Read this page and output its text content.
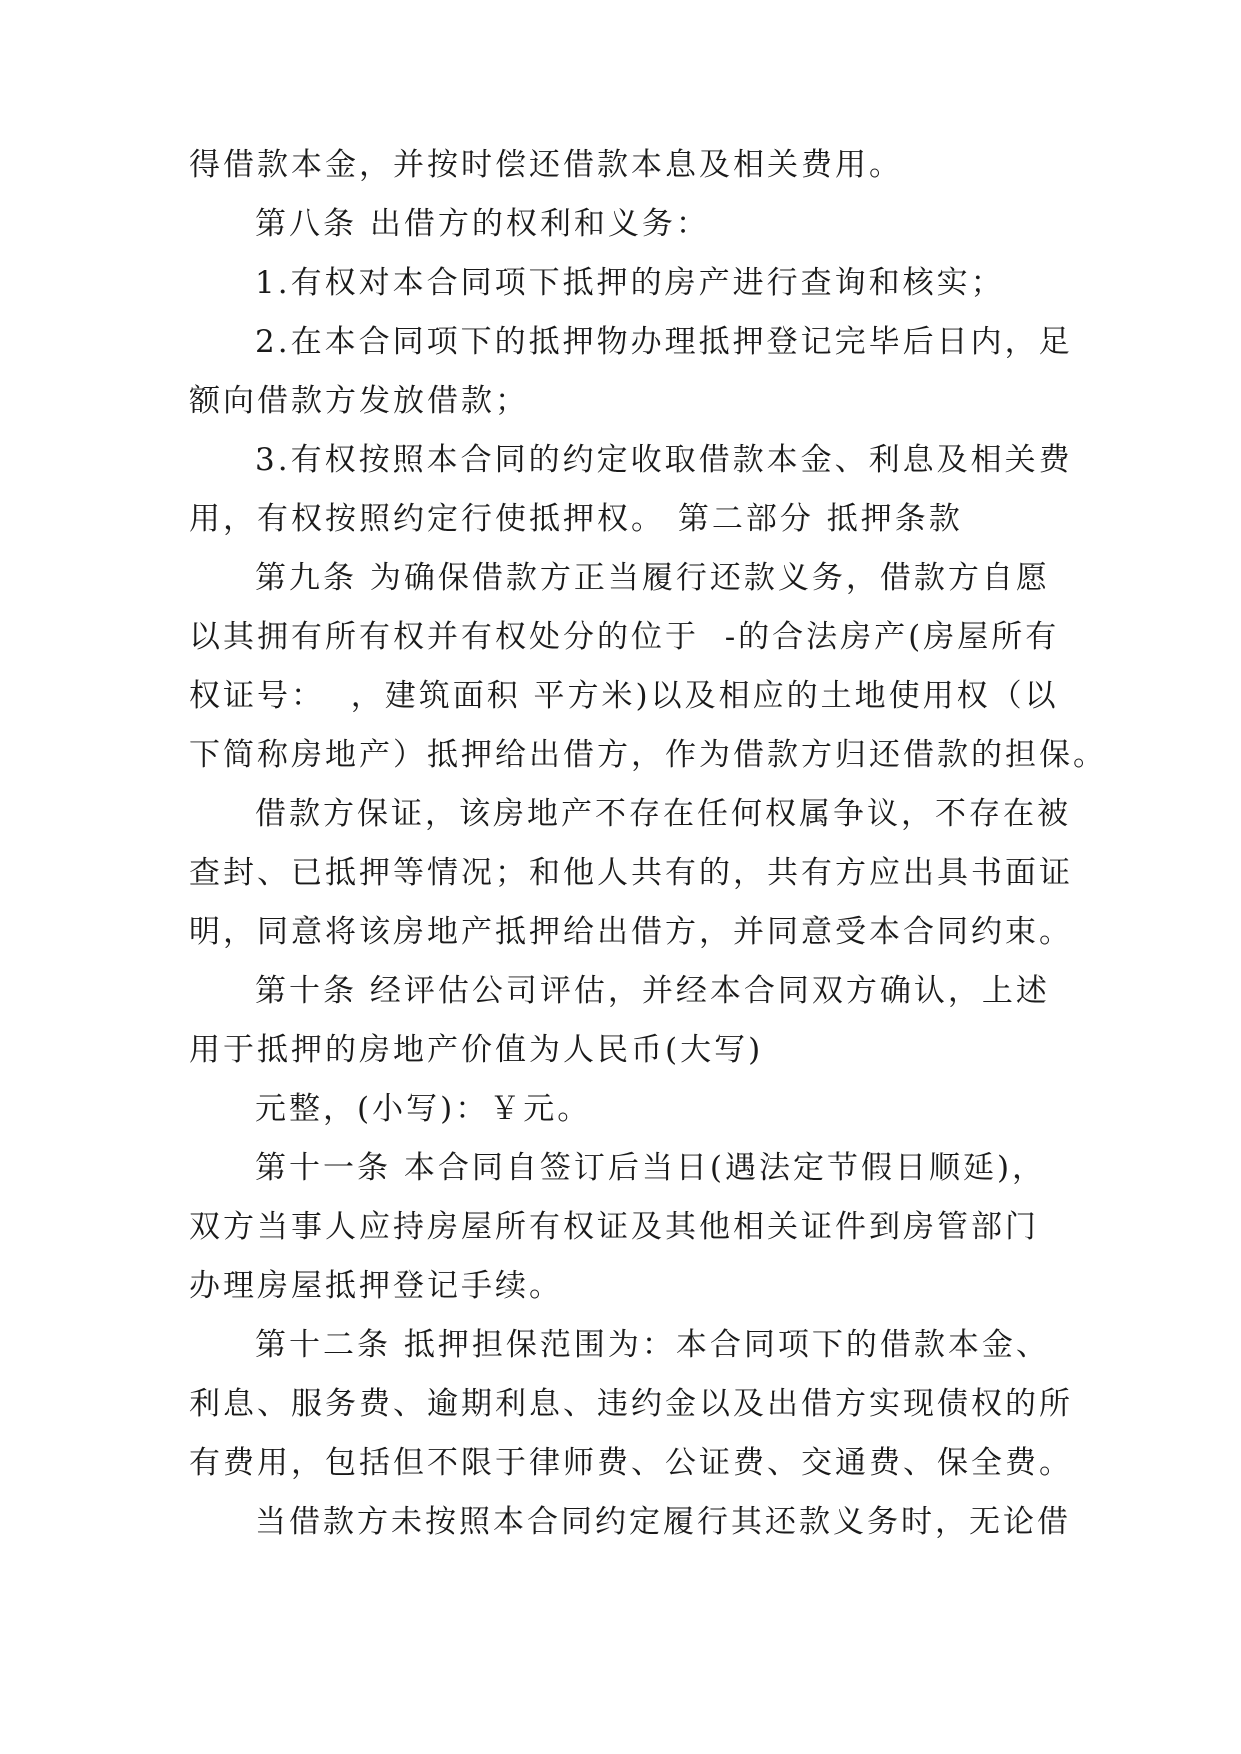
得借款本金，并按时偿还借款本息及相关费用。
第八条 出借方的权利和义务：
1.有权对本合同项下抵押的房产进行查询和核实；
2.在本合同项下的抵押物办理抵押登记完毕后日内，足
额向借款方发放借款；
3.有权按照本合同的约定收取借款本金、利息及相关费
用，有权按照约定行使抵押权。 第二部分 抵押条款
第九条 为确保借款方正当履行还款义务，借款方自愿
以其拥有所有权并有权处分的位于  -的合法房产(房屋所有
权证号：  ，建筑面积 平方米)以及相应的土地使用权（以
下简称房地产）抵押给出借方，作为借款方归还借款的担保。
借款方保证，该房地产不存在任何权属争议，不存在被
查封、已抵押等情况；和他人共有的，共有方应出具书面证
明，同意将该房地产抵押给出借方，并同意受本合同约束。
第十条 经评估公司评估，并经本合同双方确认，上述
用于抵押的房地产价值为人民币(大写)
元整，(小写)：￥元。
第十一条 本合同自签订后当日(遇法定节假日顺延)，
双方当事人应持房屋所有权证及其他相关证件到房管部门
办理房屋抵押登记手续。
第十二条 抵押担保范围为：本合同项下的借款本金、
利息、服务费、逾期利息、违约金以及出借方实现债权的所
有费用，包括但不限于律师费、公证费、交通费、保全费。
当借款方未按照本合同约定履行其还款义务时，无论借
